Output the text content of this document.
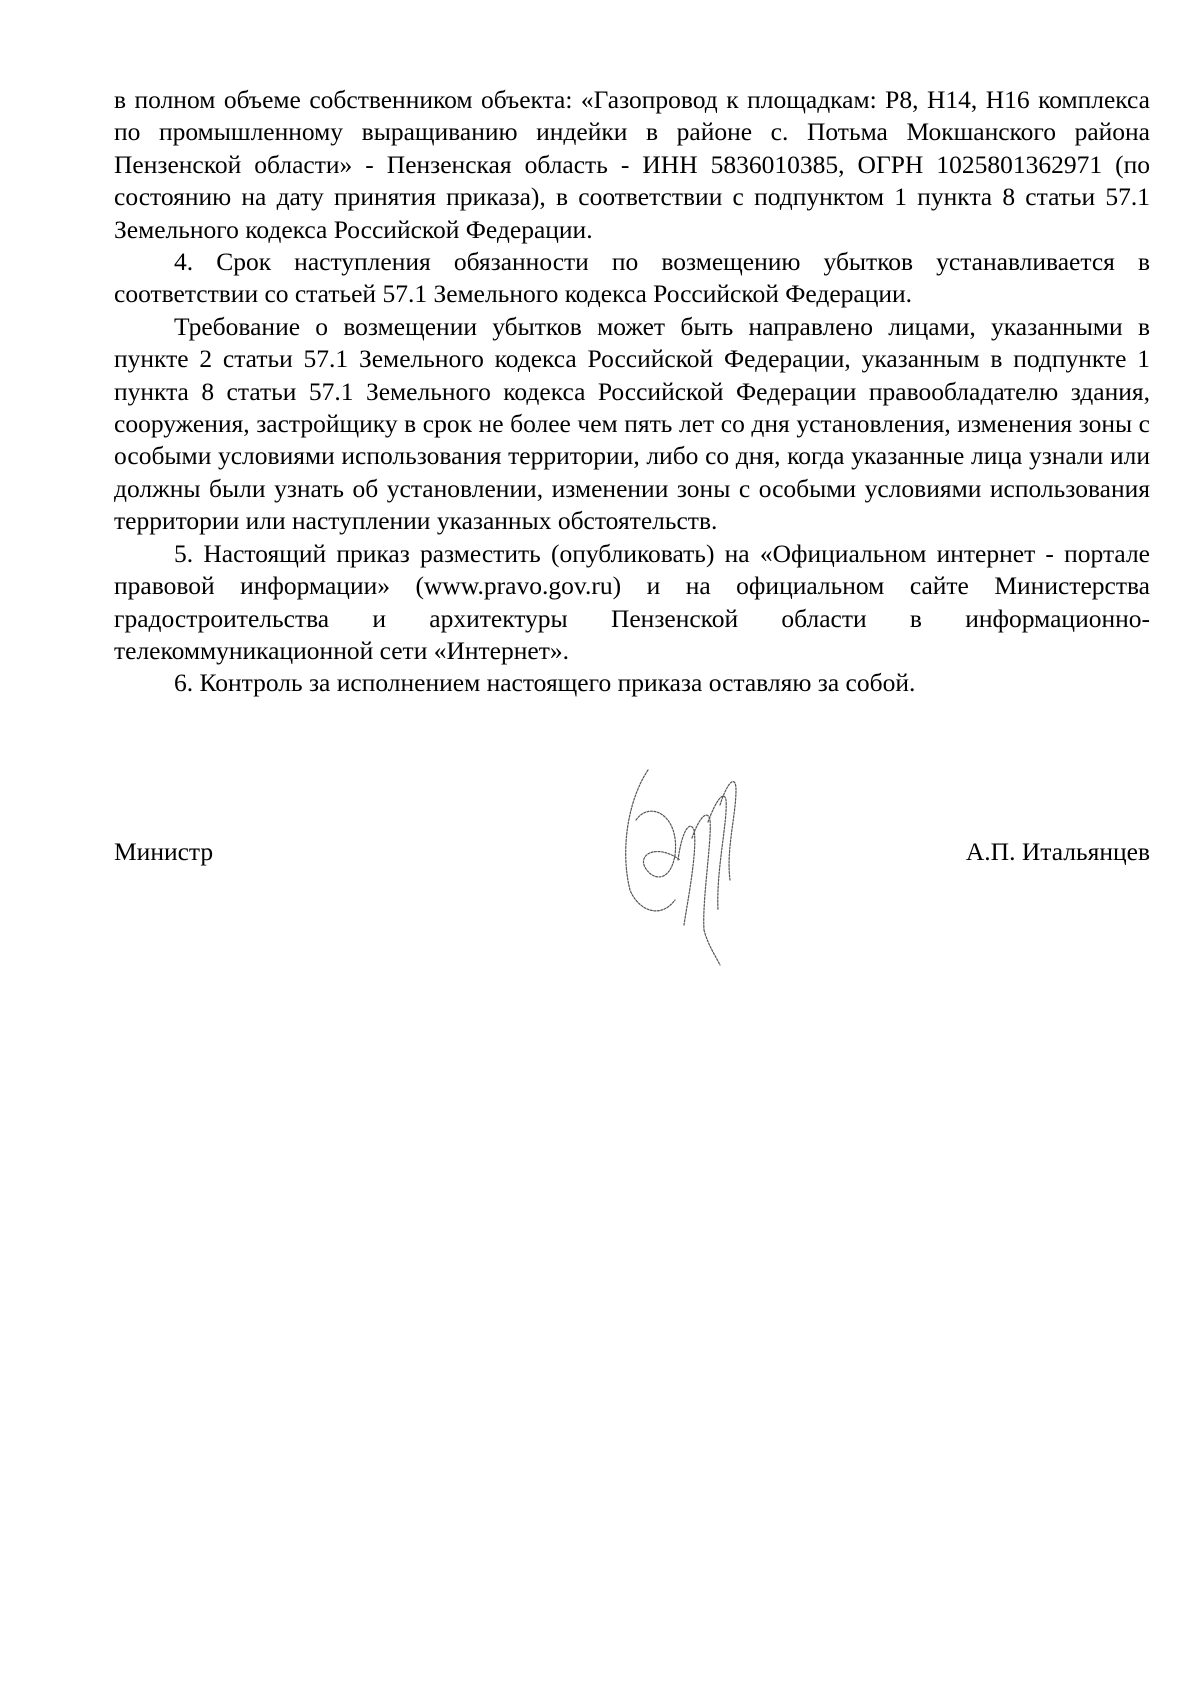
в полном объеме собственником объекта: «Газопровод к площадкам: Р8, Н14, Н16 комплекса по промышленному выращиванию индейки в районе с. Потьма Мокшанского района Пензенской области» - Пензенская область - ИНН 5836010385, ОГРН 1025801362971 (по состоянию на дату принятия приказа), в соответствии с подпунктом 1 пункта 8 статьи 57.1 Земельного кодекса Российской Федерации.

4. Срок наступления обязанности по возмещению убытков устанавливается в соответствии со статьей 57.1 Земельного кодекса Российской Федерации.

Требование о возмещении убытков может быть направлено лицами, указанными в пункте 2 статьи 57.1 Земельного кодекса Российской Федерации, указанным в подпункте 1 пункта 8 статьи 57.1 Земельного кодекса Российской Федерации правообладателю здания, сооружения, застройщику в срок не более чем пять лет со дня установления, изменения зоны с особыми условиями использования территории, либо со дня, когда указанные лица узнали или должны были узнать об установлении, изменении зоны с особыми условиями использования территории или наступлении указанных обстоятельств.

5. Настоящий приказ разместить (опубликовать) на «Официальном интернет - портале правовой информации» (www.pravo.gov.ru) и на официальном сайте Министерства градостроительства и архитектуры Пензенской области в информационно-телекоммуникационной сети «Интернет».

6. Контроль за исполнением настоящего приказа оставляю за собой.

Министр	А.П. Итальянцев
